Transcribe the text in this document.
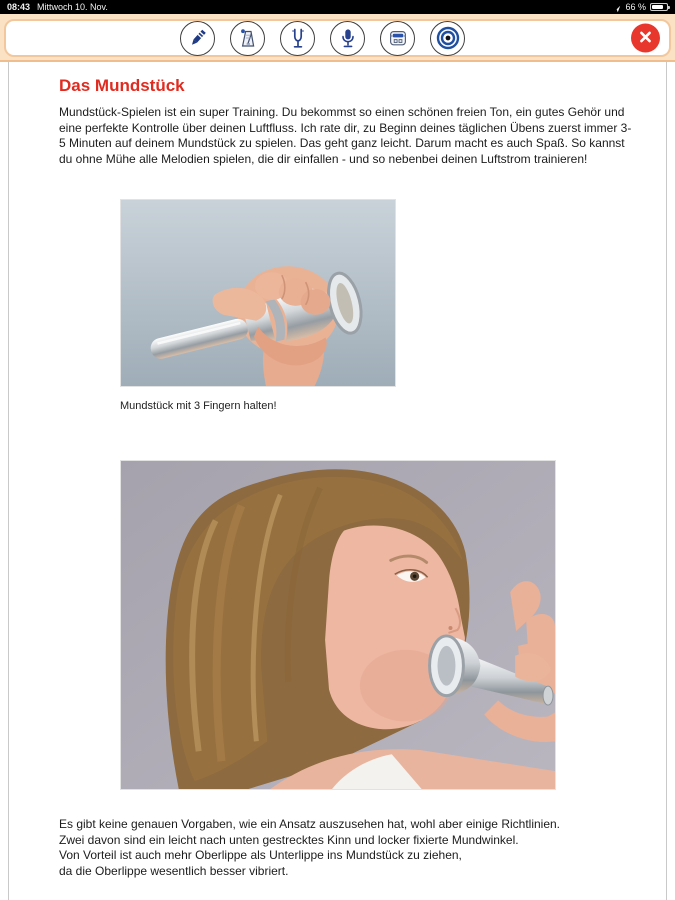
08:43 Mittwoch 10. Nov.	66 %
Das Mundstück

Mundstück-Spielen ist ein super Training. Du bekommst so einen schönen freien Ton, ein gutes Gehör und eine perfekte Kontrolle über deinen Luftfluss. Ich rate dir, zu Beginn deines täglichen Übens zuerst immer 3-5 Minuten auf deinem Mundstück zu spielen. Das geht ganz leicht. Darum macht es auch Spaß. So kannst du ohne Mühe alle Melodien spielen, die dir einfallen - und so nebenbei deinen Luftstrom trainieren!

Mundstück mit 3 Fingern halten!

Es gibt keine genauen Vorgaben, wie ein Ansatz auszusehen hat, wohl aber einige Richtlinien.
Zwei davon sind ein leicht nach unten gestrecktes Kinn und locker fixierte Mundwinkel.
Von Vorteil ist auch mehr Oberlippe als Unterlippe ins Mundstück zu ziehen,
da die Oberlippe wesentlich besser vibriert.
